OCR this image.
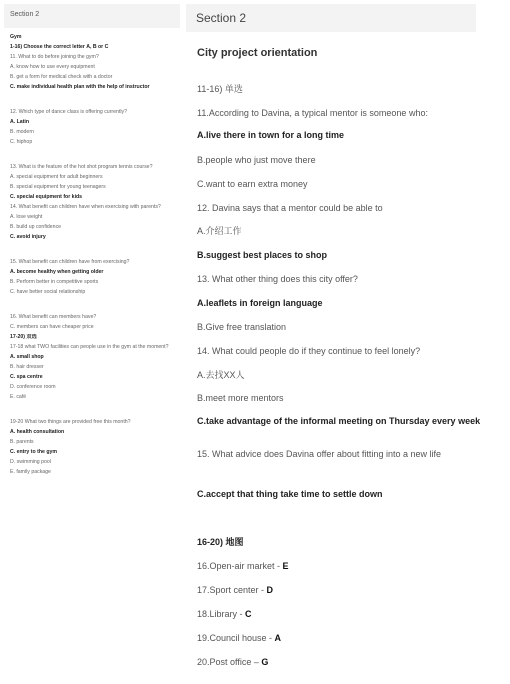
Section 2
Gym
1-16) Choose the correct letter A, B or C
11. What to do before joining the gym?
A. know how to use every equipment
B. get a form for medical check with a doctor
C. make individual health plan with the help of instructor
12. Which type of dance class is offering currently?
A. Latin
B. modern
C. hiphop
13. What is the feature of the hot shot program tennis course?
A. special equipment for adult beginners
B. special equipment for young teenagers
C. special equipment for kids
14. What benefit can children have when exercising with parents?
A. lose weight
B. build up confidence
C. avoid injury
15. What benefit can children have from exercising?
A. become healthy when getting older
B. Perform better in competitive sports
C. have better social relationship
16. What benefit can members have?
C. members can have cheaper price
17-20) 双选
17-18 what TWO facilities can people use in the gym at the moment?
A. small shop
B. hair dresser
C. spa centre
D. conference room
E. café
19-20 What two things are provided free this month?
A. health consultation
B. parents
C. entry to the gym
D. swimming pool
E. family package
Section 2
City project orientation
11-16) 单选
11.According to Davina, a typical mentor is someone who:
A.live there in town for a long time
B.people who just move there
C.want to earn extra money
12. Davina says that a mentor could be able to
A.介绍工作
B.suggest best places to shop
13. What other thing does this city offer?
A.leaflets in foreign language
B.Give free translation
14. What could people do if they continue to feel lonely?
A.去找XX人
B.meet more mentors
C.take advantage of the informal meeting on Thursday every week
15. What advice does Davina offer about fitting into a new life
C.accept that thing take time to settle down
16-20) 地图
16.Open-air market - E
17.Sport center - D
18.Library - C
19.Council house - A
20.Post office – G
